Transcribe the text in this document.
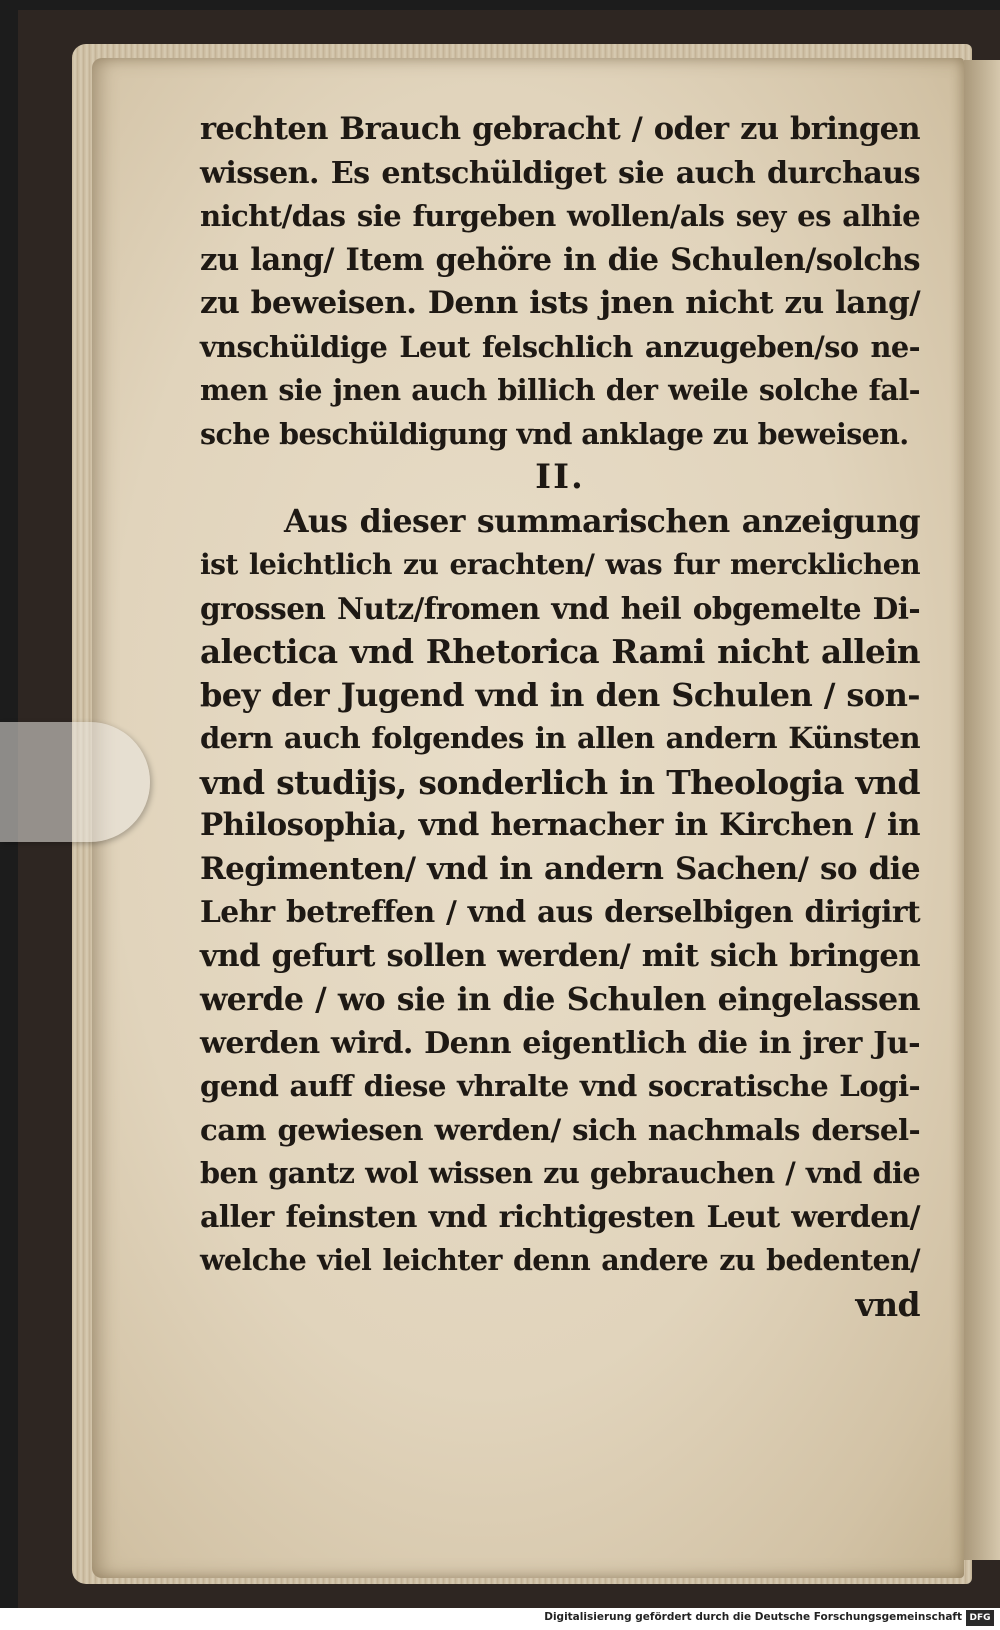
rechten Brauch gebracht / oder zu bringen
wissen. Es entschüldiget sie auch durchaus
nicht/das sie furgeben wollen/als sey es alhie
zu lang/ Item gehöre in die Schulen/solchs
zu beweisen. Denn ists jnen nicht zu lang/
vnschüldige Leut felschlich anzugeben/so ne-
men sie jnen auch billich der weile solche fal-
sche beschüldigung vnd anklage zu beweisen.
II.
Aus dieser summarischen anzeigung
ist leichtlich zu erachten/ was fur mercklichen
grossen Nutz/fromen vnd heil obgemelte Di-
alectica vnd Rhetorica Rami nicht allein
bey der Jugend vnd in den Schulen / son-
dern auch folgendes in allen andern Künsten
vnd studijs, sonderlich in Theologia vnd
Philosophia, vnd hernacher in Kirchen / in
Regimenten/ vnd in andern Sachen/ so die
Lehr betreffen / vnd aus derselbigen dirigirt
vnd gefurt sollen werden/ mit sich bringen
werde / wo sie in die Schulen eingelassen
werden wird. Denn eigentlich die in jrer Ju-
gend auff diese vhralte vnd socratische Logi-
cam gewiesen werden/ sich nachmals dersel-
ben gantz wol wissen zu gebrauchen / vnd die
aller feinsten vnd richtigesten Leut werden/
welche viel leichter denn andere zu bedenten/
vnd
Digitalisierung gefördert durch die Deutsche Forschungsgemeinschaft DFG
